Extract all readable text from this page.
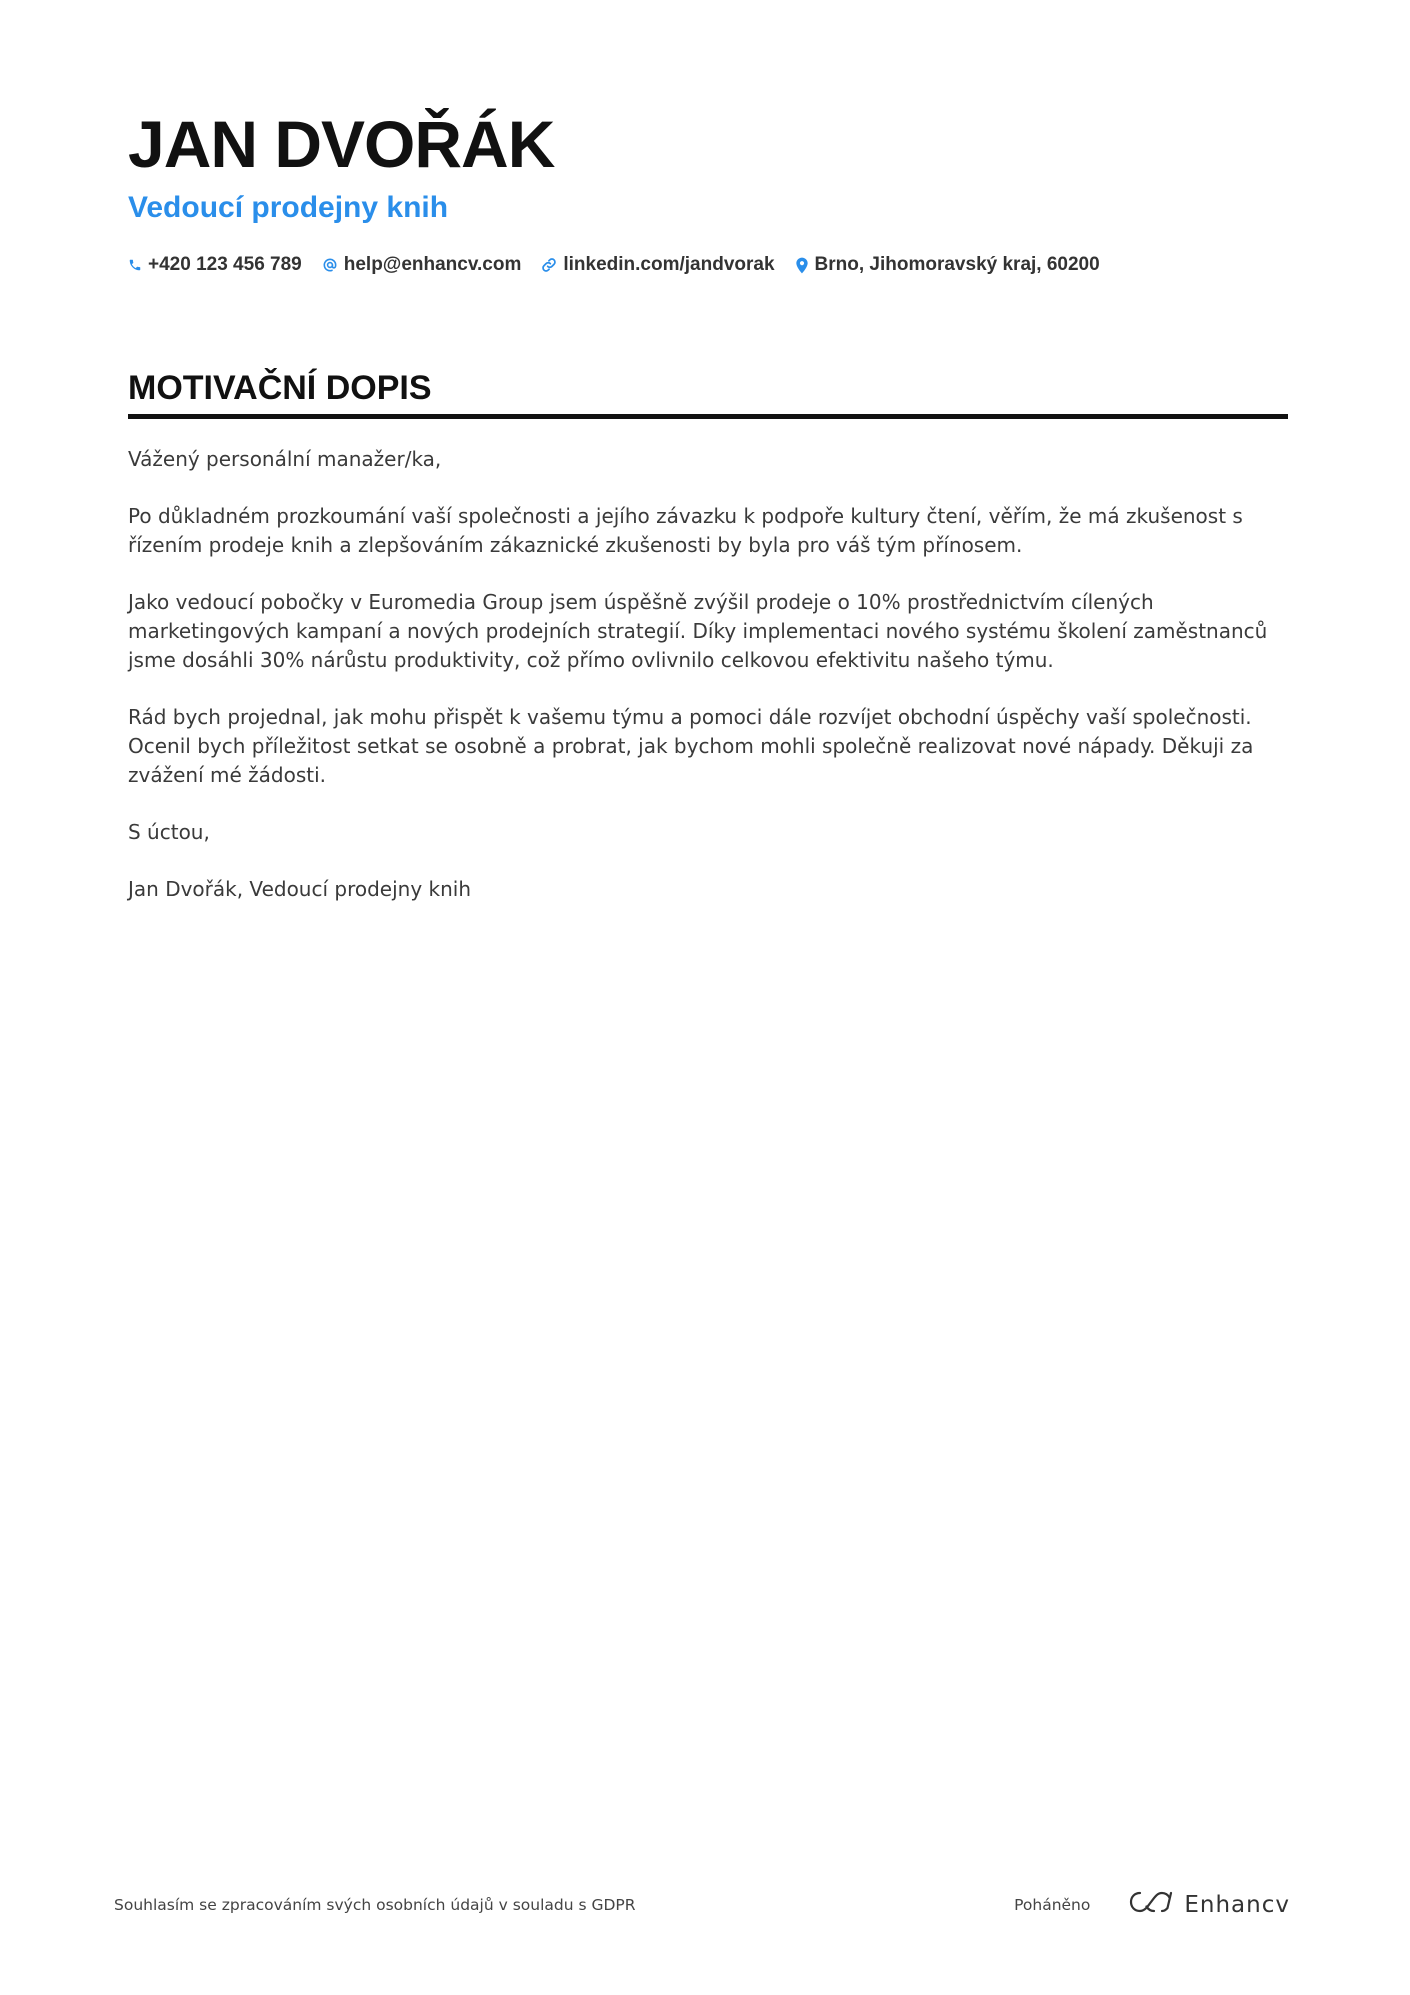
JAN DVOŘÁK
Vedoucí prodejny knih
+420 123 456 789 help@enhancv.com linkedin.com/jandvorak Brno, Jihomoravský kraj, 60200
MOTIVAČNÍ DOPIS

Vážený personální manažer/ka,

Po důkladném prozkoumání vaší společnosti a jejího závazku k podpoře kultury čtení, věřím, že má zkušenost s řízením prodeje knih a zlepšováním zákaznické zkušenosti by byla pro váš tým přínosem.

Jako vedoucí pobočky v Euromedia Group jsem úspěšně zvýšil prodeje o 10% prostřednictvím cílených marketingových kampaní a nových prodejních strategií. Díky implementaci nového systému školení zaměstnanců jsme dosáhli 30% nárůstu produktivity, což přímo ovlivnilo celkovou efektivitu našeho týmu.

Rád bych projednal, jak mohu přispět k vašemu týmu a pomoci dále rozvíjet obchodní úspěchy vaší společnosti. Ocenil bych příležitost setkat se osobně a probrat, jak bychom mohli společně realizovat nové nápady. Děkuji za zvážení mé žádosti.

S úctou,

Jan Dvořák, Vedoucí prodejny knih

Souhlasím se zpracováním svých osobních údajů v souladu s GDPR	Poháněno	Enhancv
